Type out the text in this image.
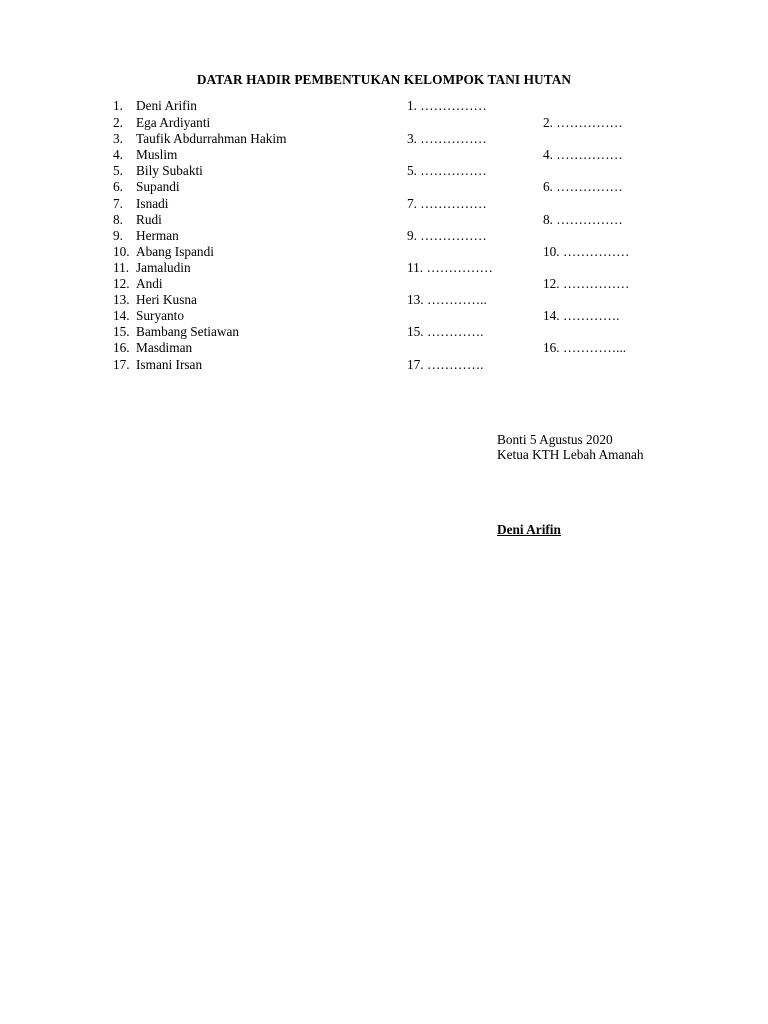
DATAR HADIR PEMBENTUKAN KELOMPOK TANI HUTAN
1. Deni Arifin	1. ……………
2. Ega Ardiyanti	2. ……………
3. Taufik Abdurrahman Hakim	3. ……………
4. Muslim	4. ……………
5. Bily Subakti	5. ……………
6. Supandi	6. ……………
7. Isnadi	7. ……………
8. Rudi	8. ……………
9. Herman	9. ……………
10. Abang Ispandi	10. ……………
11. Jamaludin	11. ……………
12. Andi	12. ……………
13. Heri Kusna	13. …………..
14. Suryanto	14. ………….
15. Bambang Setiawan	15. ………….
16. Masdiman	16. …………...
17. Ismani Irsan	17. ………….
Bonti 5 Agustus 2020
Ketua KTH Lebah Amanah
Deni Arifin
